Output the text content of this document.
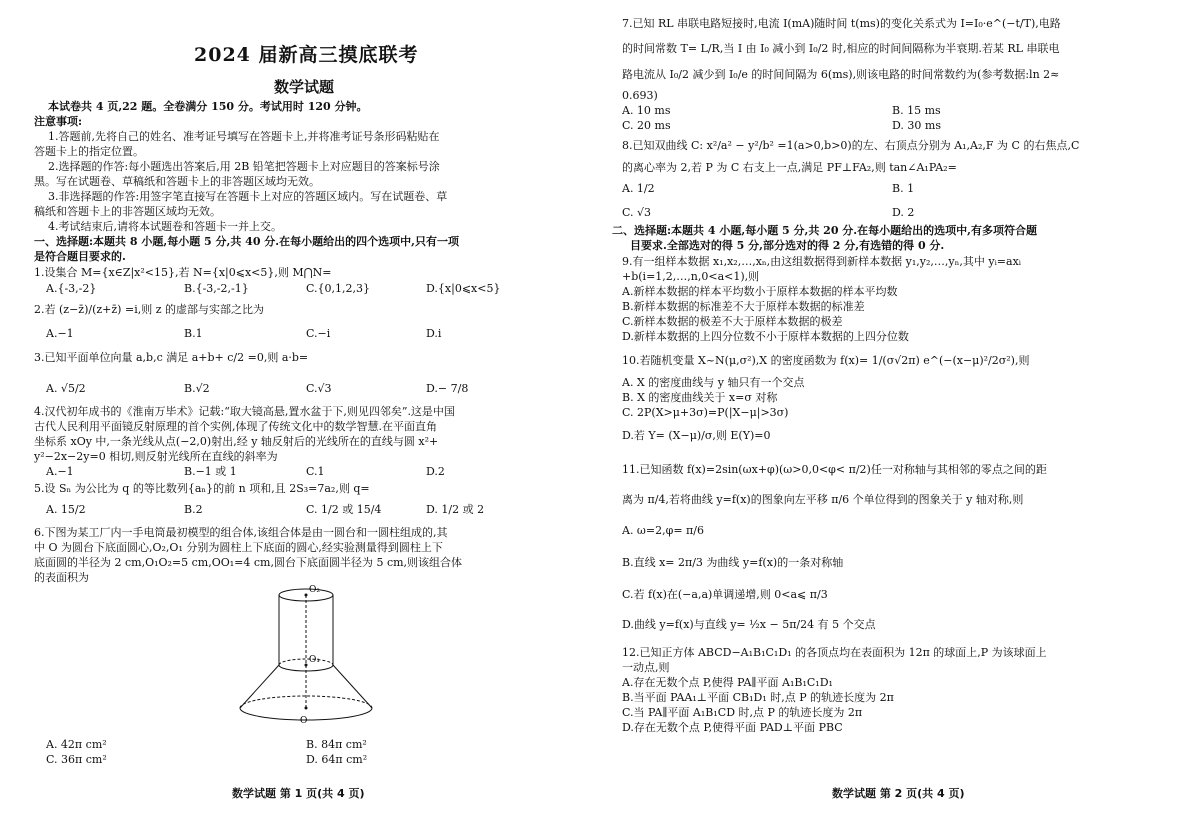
2024 届新高三摸底联考
数学试题
本试卷共 4 页,22 题。全卷满分 150 分。考试用时 120 分钟。
注意事项:
1.答题前,先将自己的姓名、准考证号填写在答题卡上,并将准考证号条形码粘贴在
答题卡上的指定位置。
2.选择题的作答:每小题选出答案后,用 2B 铅笔把答题卡上对应题目的答案标号涂
黑。写在试题卷、草稿纸和答题卡上的非答题区域均无效。
3.非选择题的作答:用签字笔直接写在答题卡上对应的答题区域内。写在试题卷、草
稿纸和答题卡上的非答题区域均无效。
4.考试结束后,请将本试题卷和答题卡一并上交。
一、选择题:本题共 8 小题,每小题 5 分,共 40 分.在每小题给出的四个选项中,只有一项
是符合题目要求的.
1.设集合 M={x∈Z|x²<15},若 N={x|0⩽x<5},则 M⋂N=
A.{-3,-2}	B.{-3,-2,-1}	C.{0,1,2,3}	D.{x|0⩽x<5}
2.若 (z−z̄)/(z+z̄) =i,则 z 的虚部与实部之比为
A.−1	B.1	C.−i	D.i
3.已知平面单位向量 a,b,c 满足 a+b+ c/2 =0,则 a·b=
A. √5/2	B.√2	C.√3	D.− 7/8
4.汉代初年成书的《淮南万毕术》记载:“取大镜高悬,置水盆于下,则见四邻矣”.这是中国
古代人民利用平面镜反射原理的首个实例,体现了传统文化中的数学智慧.在平面直角
坐标系 xOy 中,一条光线从点(−2,0)射出,经 y 轴反射后的光线所在的直线与圆 x²+
y²−2x−2y=0 相切,则反射光线所在直线的斜率为
A.−1	B.−1 或 1	C.1	D.2
5.设 Sₙ 为公比为 q 的等比数列{aₙ}的前 n 项和,且 2S₃=7a₂,则 q=
A. 15/2	B.2	C. 1/2 或 15/4	D. 1/2 或 2
6.下图为某工厂内一手电筒最初模型的组合体,该组合体是由一圆台和一圆柱组成的,其
中 O 为圆台下底面圆心,O₂,O₁ 分别为圆柱上下底面的圆心,经实验测量得到圆柱上下
底面圆的半径为 2 cm,O₁O₂=5 cm,OO₁=4 cm,圆台下底面圆半径为 5 cm,则该组合体
的表面积为
O₂
O₁
O
A. 42π cm²	B. 84π cm²
C. 36π cm²	D. 64π cm²
数学试题 第 1 页(共 4 页)
7.已知 RL 串联电路短接时,电流 I(mA)随时间 t(ms)的变化关系式为 I=I₀·e^(−t/T),电路
的时间常数 T= L/R,当 I 由 I₀ 减小到 I₀/2 时,相应的时间间隔称为半衰期.若某 RL 串联电
路电流从 I₀/2 减少到 I₀/e 的时间间隔为 6(ms),则该电路的时间常数约为(参考数据:ln 2≈
0.693)
A. 10 ms	B. 15 ms
C. 20 ms	D. 30 ms
8.已知双曲线 C: x²/a² − y²/b² =1(a>0,b>0)的左、右顶点分别为 A₁,A₂,F 为 C 的右焦点,C
的离心率为 2,若 P 为 C 右支上一点,满足 PF⊥FA₂,则 tan∠A₁PA₂=
A. 1/2	B. 1
C. √3	D. 2
二、选择题:本题共 4 小题,每小题 5 分,共 20 分.在每小题给出的选项中,有多项符合题
目要求.全部选对的得 5 分,部分选对的得 2 分,有选错的得 0 分.
9.有一组样本数据 x₁,x₂,…,xₙ,由这组数据得到新样本数据 y₁,y₂,…,yₙ,其中 yᵢ=axᵢ
+b(i=1,2,…,n,0<a<1),则
A.新样本数据的样本平均数小于原样本数据的样本平均数
B.新样本数据的标准差不大于原样本数据的标准差
C.新样本数据的极差不大于原样本数据的极差
D.新样本数据的上四分位数不小于原样本数据的上四分位数
10.若随机变量 X~N(μ,σ²),X 的密度函数为 f(x)= 1/(σ√2π) e^(−(x−μ)²/2σ²),则
A. X 的密度曲线与 y 轴只有一个交点
B. X 的密度曲线关于 x=σ 对称
C. 2P(X>μ+3σ)=P(|X−μ|>3σ)
D.若 Y= (X−μ)/σ,则 E(Y)=0
11.已知函数 f(x)=2sin(ωx+φ)(ω>0,0<φ< π/2)任一对称轴与其相邻的零点之间的距
离为 π/4,若将曲线 y=f(x)的图象向左平移 π/6 个单位得到的图象关于 y 轴对称,则
A. ω=2,φ= π/6
B.直线 x= 2π/3 为曲线 y=f(x)的一条对称轴
C.若 f(x)在(−a,a)单调递增,则 0<a⩽ π/3
D.曲线 y=f(x)与直线 y= ½x − 5π/24 有 5 个交点
12.已知正方体 ABCD−A₁B₁C₁D₁ 的各顶点均在表面积为 12π 的球面上,P 为该球面上
一动点,则
A.存在无数个点 P,使得 PA∥平面 A₁B₁C₁D₁
B.当平面 PAA₁⊥平面 CB₁D₁ 时,点 P 的轨迹长度为 2π
C.当 PA∥平面 A₁B₁CD 时,点 P 的轨迹长度为 2π
D.存在无数个点 P,使得平面 PAD⊥平面 PBC
数学试题 第 2 页(共 4 页)
